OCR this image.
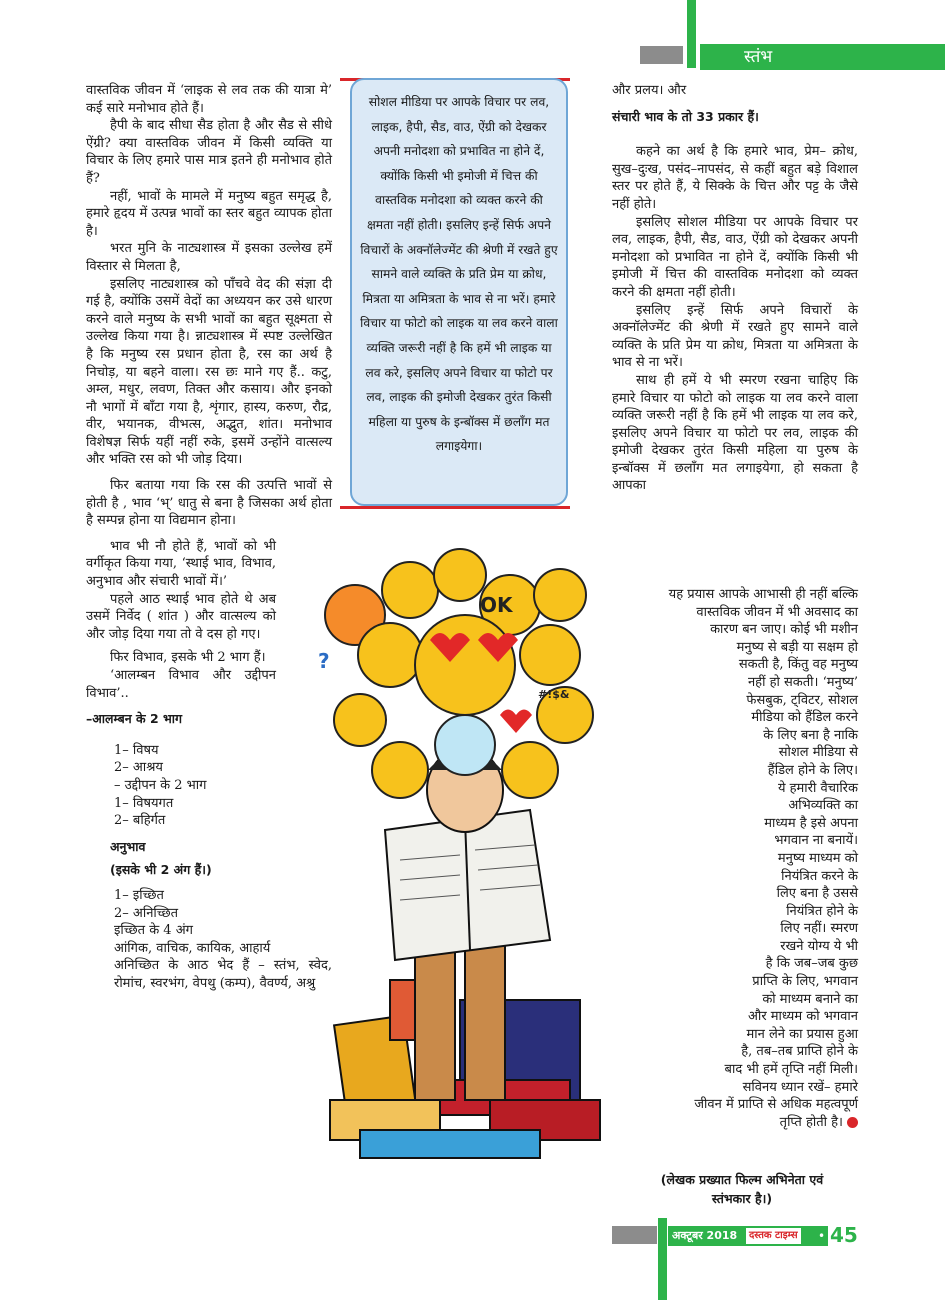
स्तंभ

वास्तविक जीवन में ‘लाइक से लव तक की यात्रा मे’ कई सारे मनोभाव होते हैं।

हैपी के बाद सीधा सैड होता है और सैड से सीधे ऐंग्री? क्या वास्तविक जीवन में किसी व्यक्ति या विचार के लिए हमारे पास मात्र इतने ही मनोभाव होते हैं?

नहीं, भावों के मामले में मनुष्य बहुत समृद्ध है, हमारे हृदय में उत्पन्न भावों का स्तर बहुत व्यापक होता है।

भरत मुनि के नाट्यशास्त्र में इसका उल्लेख हमें विस्तार से मिलता है,

इसलिए नाट्यशास्त्र को पाँचवे वेद की संज्ञा दी गई है, क्योंकि उसमें वेदों का अध्ययन कर उसे धारण करने वाले मनुष्य के सभी भावों का बहुत सूक्ष्मता से उल्लेख किया गया है। न्नाट्यशास्त्र में स्पष्ट उल्लेखित है कि मनुष्य रस प्रधान होता है, रस का अर्थ है निचोड़, या बहने वाला। रस छः माने गए हैं.. कटु, अम्ल, मधुर, लवण, तिक्त और कसाय। और इनको नौ भागों में बाँटा गया है, शृंगार, हास्य, करुण, रौद्र, वीर, भयानक, वीभत्स, अद्भुत, शांत। मनोभाव विशेषज्ञ सिर्फ यहीं नहीं रुके, इसमें उन्होंने वात्सल्य और भक्ति रस को भी जोड़ दिया।

फिर बताया गया कि रस की उत्पत्ति भावों से होती है , भाव ‘भ्’ धातु से बना है जिसका अर्थ होता है सम्पन्न होना या विद्यमान होना।

भाव भी नौ होते हैं, भावों को भी वर्गीकृत किया गया, ‘स्थाई भाव, विभाव, अनुभाव और संचारी भावों में।’

पहले आठ स्थाई भाव होते थे अब उसमें निर्वेद ( शांत ) और वात्सल्य को और जोड़ दिया गया तो वे दस हो गए।

फिर विभाव, इसके भी 2 भाग हैं।

‘आलम्बन विभाव और उद्दीपन विभाव’..

–आलम्बन के 2 भाग

1– विषय

2– आश्रय

– उद्दीपन के 2 भाग

1– विषयगत

2– बहिर्गत

अनुभाव

(इसके भी 2 अंग हैं।)

1– इच्छित

2– अनिच्छित

इच्छित के 4 अंग

आंगिक, वाचिक, कायिक, आहार्य

अनिच्छित के आठ भेद हैं – स्तंभ, स्वेद, रोमांच, स्वरभंग, वेपथु (कम्प), वैवर्ण्य, अश्रु

सोशल मीडिया पर आपके विचार पर लव, लाइक, हैपी, सैड, वाउ, ऐंग्री को देखकर अपनी मनोदशा को प्रभावित ना होने दें, क्योंकि किसी भी इमोजी में चित्त की वास्तविक मनोदशा को व्यक्त करने की क्षमता नहीं होती। इसलिए इन्हें सिर्फ अपने विचारों के अक्नॉलेज्मेंट की श्रेणी में रखते हुए सामने वाले व्यक्ति के प्रति प्रेम या क्रोध, मित्रता या अमित्रता के भाव से ना भरें। हमारे विचार या फोटो को लाइक या लव करने वाला व्यक्ति जरूरी नहीं है कि हमें भी लाइक या लव करे, इसलिए अपने विचार या फोटो पर लव, लाइक की इमोजी देखकर तुरंत किसी महिला या पुरुष के इन्बॉक्स में छलाँग मत लगाइयेगा।

और प्रलय। और

संचारी भाव के तो 33 प्रकार हैं।

कहने का अर्थ है कि हमारे भाव, प्रेम– क्रोध, सुख–दुःख, पसंद–नापसंद, से कहीं बहुत बड़े विशाल स्तर पर होते हैं, ये सिक्के के चित्त और पट्ट के जैसे नहीं होते।

इसलिए सोशल मीडिया पर आपके विचार पर लव, लाइक, हैपी, सैड, वाउ, ऐंग्री को देखकर अपनी मनोदशा को प्रभावित ना होने दें, क्योंकि किसी भी इमोजी में चित्त की वास्तविक मनोदशा को व्यक्त करने की क्षमता नहीं होती।

इसलिए इन्हें सिर्फ अपने विचारों के अक्नॉलेज्मेंट की श्रेणी में रखते हुए सामने वाले व्यक्ति के प्रति प्रेम या क्रोध, मित्रता या अमित्रता के भाव से ना भरें।

साथ ही हमें ये भी स्मरण रखना चाहिए कि हमारे विचार या फोटो को लाइक या लव करने वाला व्यक्ति जरूरी नहीं है कि हमें भी लाइक या लव करे, इसलिए अपने विचार या फोटो पर लव, लाइक की इमोजी देखकर तुरंत किसी महिला या पुरुष के इन्बॉक्स में छलाँग मत लगाइयेगा, हो सकता है आपका

यह प्रयास आपके आभासी ही नहीं बल्कि
वास्तविक जीवन में भी अवसाद का
कारण बन जाए। कोई भी मशीन
मनुष्य से बड़ी या सक्षम हो
सकती है, किंतु वह मनुष्य
नहीं हो सकती। ‘मनुष्य’
फेसबुक, ट्विटर, सोशल
मीडिया को हैंडिल करने
के लिए बना है नाकि
सोशल मीडिया से
हैंडिल होने के लिए।
ये हमारी वैचारिक
अभिव्यक्ति का
माध्यम है इसे अपना
भगवान ना बनायें।
मनुष्य माध्यम को
नियंत्रित करने के
लिए बना है उससे
नियंत्रित होने के
लिए नहीं। स्मरण
रखने योग्य ये भी
है कि जब–जब कुछ
प्राप्ति के लिए, भगवान
को माध्यम बनाने का
और माध्यम को भगवान
मान लेने का प्रयास हुआ
है, तब–तब प्राप्ति होने के
बाद भी हमें तृप्ति नहीं मिली।
सविनय ध्यान रखें– हमारे
जीवन में प्राप्ति से अधिक महत्वपूर्ण
तृप्ति होती है।
(लेखक प्रख्यात फिल्म अभिनेता एवं
स्तंभकार है।)
OK
#!$&
?
अक्टूबर 2018	दस्तक टाइम्स • 45
